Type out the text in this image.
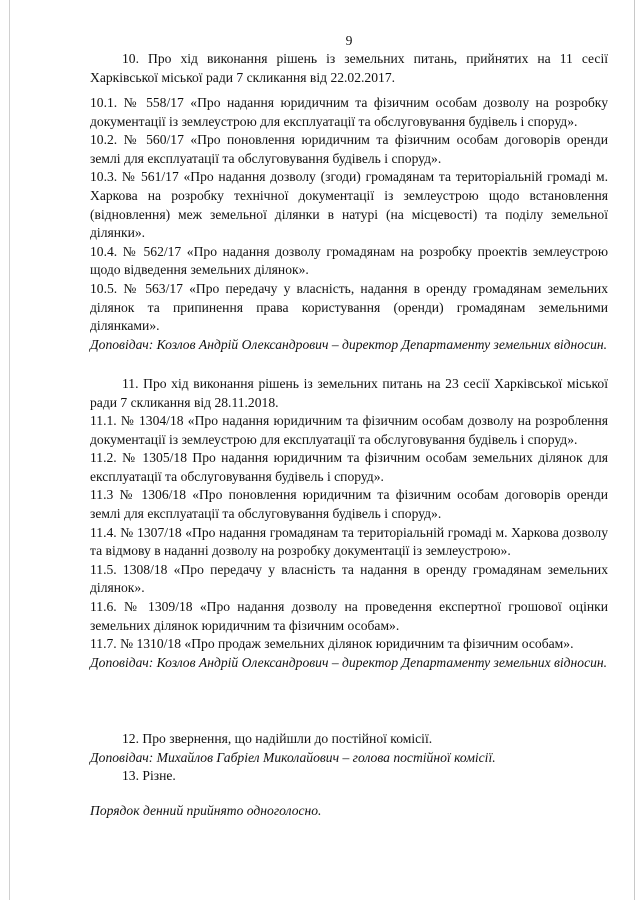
9

10. Про хід виконання рішень із земельних питань, прийнятих на 11 сесії Харківської міської ради 7 скликання від 22.02.2017.

10.1. № 558/17 «Про надання юридичним та фізичним особам дозволу на розробку документації із землеустрою для експлуатації та обслуговування будівель і споруд».

10.2. № 560/17 «Про поновлення юридичним та фізичним особам договорів оренди землі для експлуатації та обслуговування будівель і споруд».

10.3. № 561/17 «Про надання дозволу (згоди) громадянам та територіальній громаді м. Харкова на розробку технічної документації із землеустрою щодо встановлення (відновлення) меж земельної ділянки в натурі (на місцевості) та поділу земельної ділянки».

10.4. № 562/17 «Про надання дозволу громадянам на розробку проектів землеустрою щодо відведення земельних ділянок».

10.5. № 563/17 «Про передачу у власність, надання в оренду громадянам земельних ділянок та припинення права користування (оренди) громадянам земельними ділянками».

Доповідач: Козлов Андрій Олександрович – директор Департаменту земельних відносин.

11. Про хід виконання рішень із земельних питань на 23 сесії Харківської міської ради 7 скликання від 28.11.2018.

11.1. № 1304/18 «Про надання юридичним та фізичним особам дозволу на розроблення документації із землеустрою для експлуатації та обслуговування будівель і споруд».

11.2. № 1305/18 Про надання юридичним та фізичним особам земельних ділянок для експлуатації та обслуговування будівель і споруд».

11.3 № 1306/18 «Про поновлення юридичним та фізичним особам договорів оренди землі для експлуатації та обслуговування будівель і споруд».

11.4. № 1307/18 «Про надання громадянам та територіальній громаді м. Харкова дозволу та відмову в наданні дозволу на розробку документації із землеустрою».

11.5. 1308/18 «Про передачу у власність та надання в оренду громадянам земельних ділянок».

11.6. № 1309/18 «Про надання дозволу на проведення експертної грошової оцінки земельних ділянок юридичним та фізичним особам».

11.7. № 1310/18 «Про продаж земельних ділянок юридичним та фізичним особам».

Доповідач: Козлов Андрій Олександрович – директор Департаменту земельних відносин.

12. Про звернення, що надійшли до постійної комісії.

Доповідач: Михайлов Габріел Миколайович – голова постійної комісії.

13. Різне.

Порядок денний прийнято одноголосно.
